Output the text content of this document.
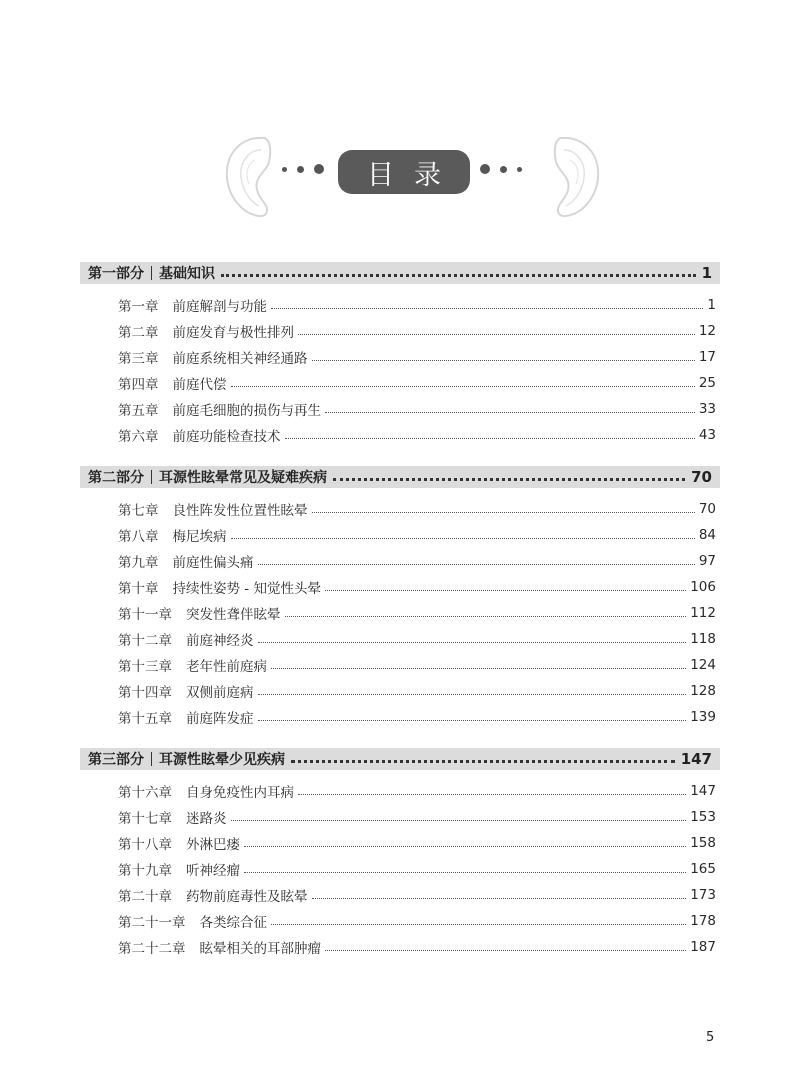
目录
第一部分 基础知识	1
第一章 前庭解剖与功能	1
第二章 前庭发育与极性排列	12
第三章 前庭系统相关神经通路	17
第四章 前庭代偿	25
第五章 前庭毛细胞的损伤与再生	33
第六章 前庭功能检查技术	43
第二部分 耳源性眩晕常见及疑难疾病	70
第七章 良性阵发性位置性眩晕	70
第八章 梅尼埃病	84
第九章 前庭性偏头痛	97
第十章 持续性姿势 - 知觉性头晕	106
第十一章 突发性聋伴眩晕	112
第十二章 前庭神经炎	118
第十三章 老年性前庭病	124
第十四章 双侧前庭病	128
第十五章 前庭阵发症	139
第三部分 耳源性眩晕少见疾病	147
第十六章 自身免疫性内耳病	147
第十七章 迷路炎	153
第十八章 外淋巴瘘	158
第十九章 听神经瘤	165
第二十章 药物前庭毒性及眩晕	173
第二十一章 各类综合征	178
第二十二章 眩晕相关的耳部肿瘤	187
5
